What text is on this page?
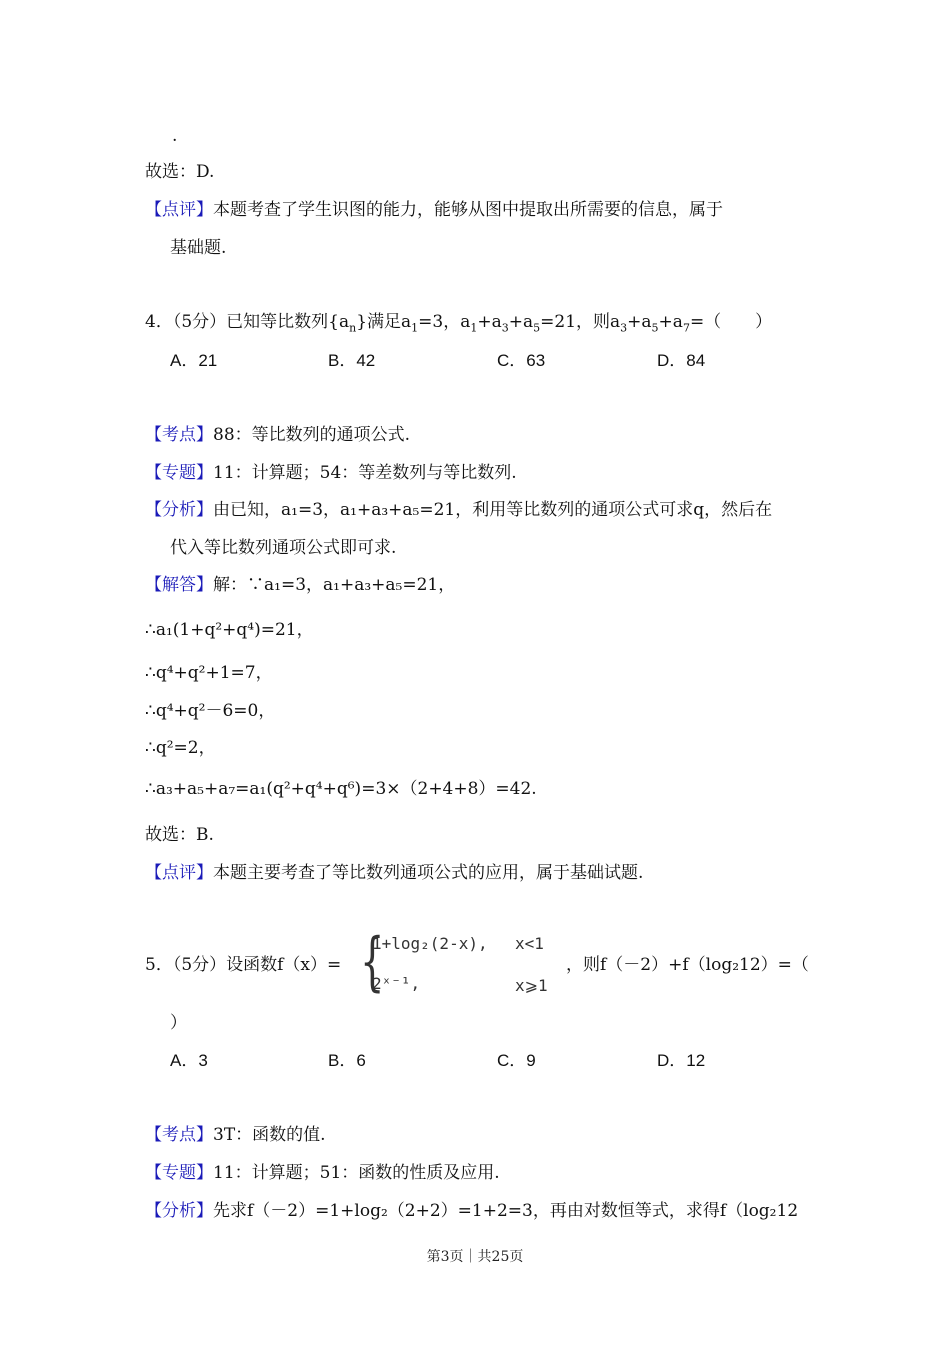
.
故选：D.
【点评】本题考查了学生识图的能力，能够从图中提取出所需要的信息，属于
基础题.
4．（5分）已知等比数列$\{a_n\}$满足$a_1=3$，$a_1+a_3+a_5=21$，则$a_3+a_5+a_7=$（　　）
A．21	B．42	C．63	D．84
【考点】88：等比数列的通项公式.
【专题】11：计算题；54：等差数列与等比数列.
【分析】由已知，a₁=3，a₁+a₃+a₅=21，利用等比数列的通项公式可求q，然后在
代入等比数列通项公式即可求.
【解答】解：∵a₁=3，a₁+a₃+a₅=21，
∴a₁(1+q²+q⁴)=21，
∴q⁴+q²+1=7，
∴q⁴+q²－6=0，
∴q²=2，
∴a₃+a₅+a₇=a₁(q²+q⁴+q⁶)=3×（2+4+8）=42.
故选：B.
【点评】本题主要考查了等比数列通项公式的应用，属于基础试题.
5．（5分）设函数f（x）= {
1+log₂(2-x), x<1
2ˣ⁻¹,	x⩾1
，则f（－2）+f（log₂12）=（
）
A．3	B．6	C．9	D．12
【考点】3T：函数的值.
【专题】11：计算题；51：函数的性质及应用.
【分析】先求f（－2）=1+log₂（2+2）=1+2=3，再由对数恒等式，求得f（log₂12
第3页｜共25页
